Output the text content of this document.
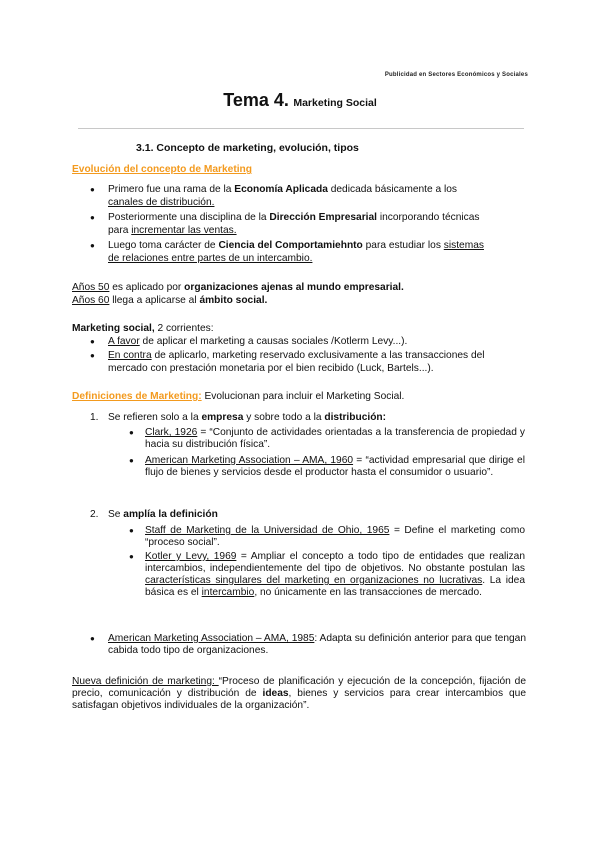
Publicidad en Sectores Económicos y Sociales
Tema 4. Marketing Social
3.1. Concepto de marketing, evolución, tipos
Evolución del concepto de Marketing
● Primero fue una rama de la Economía Aplicada dedicada básicamente a los
canales de distribución.
● Posteriormente una disciplina de la Dirección Empresarial incorporando técnicas
para incrementar las ventas.
● Luego toma carácter de Ciencia del Comportamiehnto para estudiar los sistemas
de relaciones entre partes de un intercambio.
Años 50 es aplicado por organizaciones ajenas al mundo empresarial.
Años 60 llega a aplicarse al ámbito social.
Marketing social, 2 corrientes:
● A favor de aplicar el marketing a causas sociales /Kotlerm Levy...).
● En contra de aplicarlo, marketing reservado exclusivamente a las transacciones del
mercado con prestación monetaria por el bien recibido (Luck, Bartels...).
Definiciones de Marketing: Evolucionan para incluir el Marketing Social.
1. Se refieren solo a la empresa y sobre todo a la distribución:
● Clark, 1926 = “Conjunto de actividades orientadas a la transferencia de propiedad y hacia su distribución física”.
● American Marketing Association – AMA, 1960 = “actividad empresarial que dirige el flujo de bienes y servicios desde el productor hasta el consumidor o usuario”.
2. Se amplía la definición
● Staff de Marketing de la Universidad de Ohio, 1965 = Define el marketing como “proceso social”.
● Kotler y Levy, 1969 = Ampliar el concepto a todo tipo de entidades que realizan intercambios, independientemente del tipo de objetivos. No obstante postulan las características singulares del marketing en organizaciones no lucrativas. La idea básica es el intercambio, no únicamente en las transacciones de mercado.
● American Marketing Association – AMA, 1985: Adapta su definición anterior para que tengan cabida todo tipo de organizaciones.
Nueva definición de marketing: “Proceso de planificación y ejecución de la concepción, fijación de precio, comunicación y distribución de ideas, bienes y servicios para crear intercambios que satisfagan objetivos individuales de la organización”.
